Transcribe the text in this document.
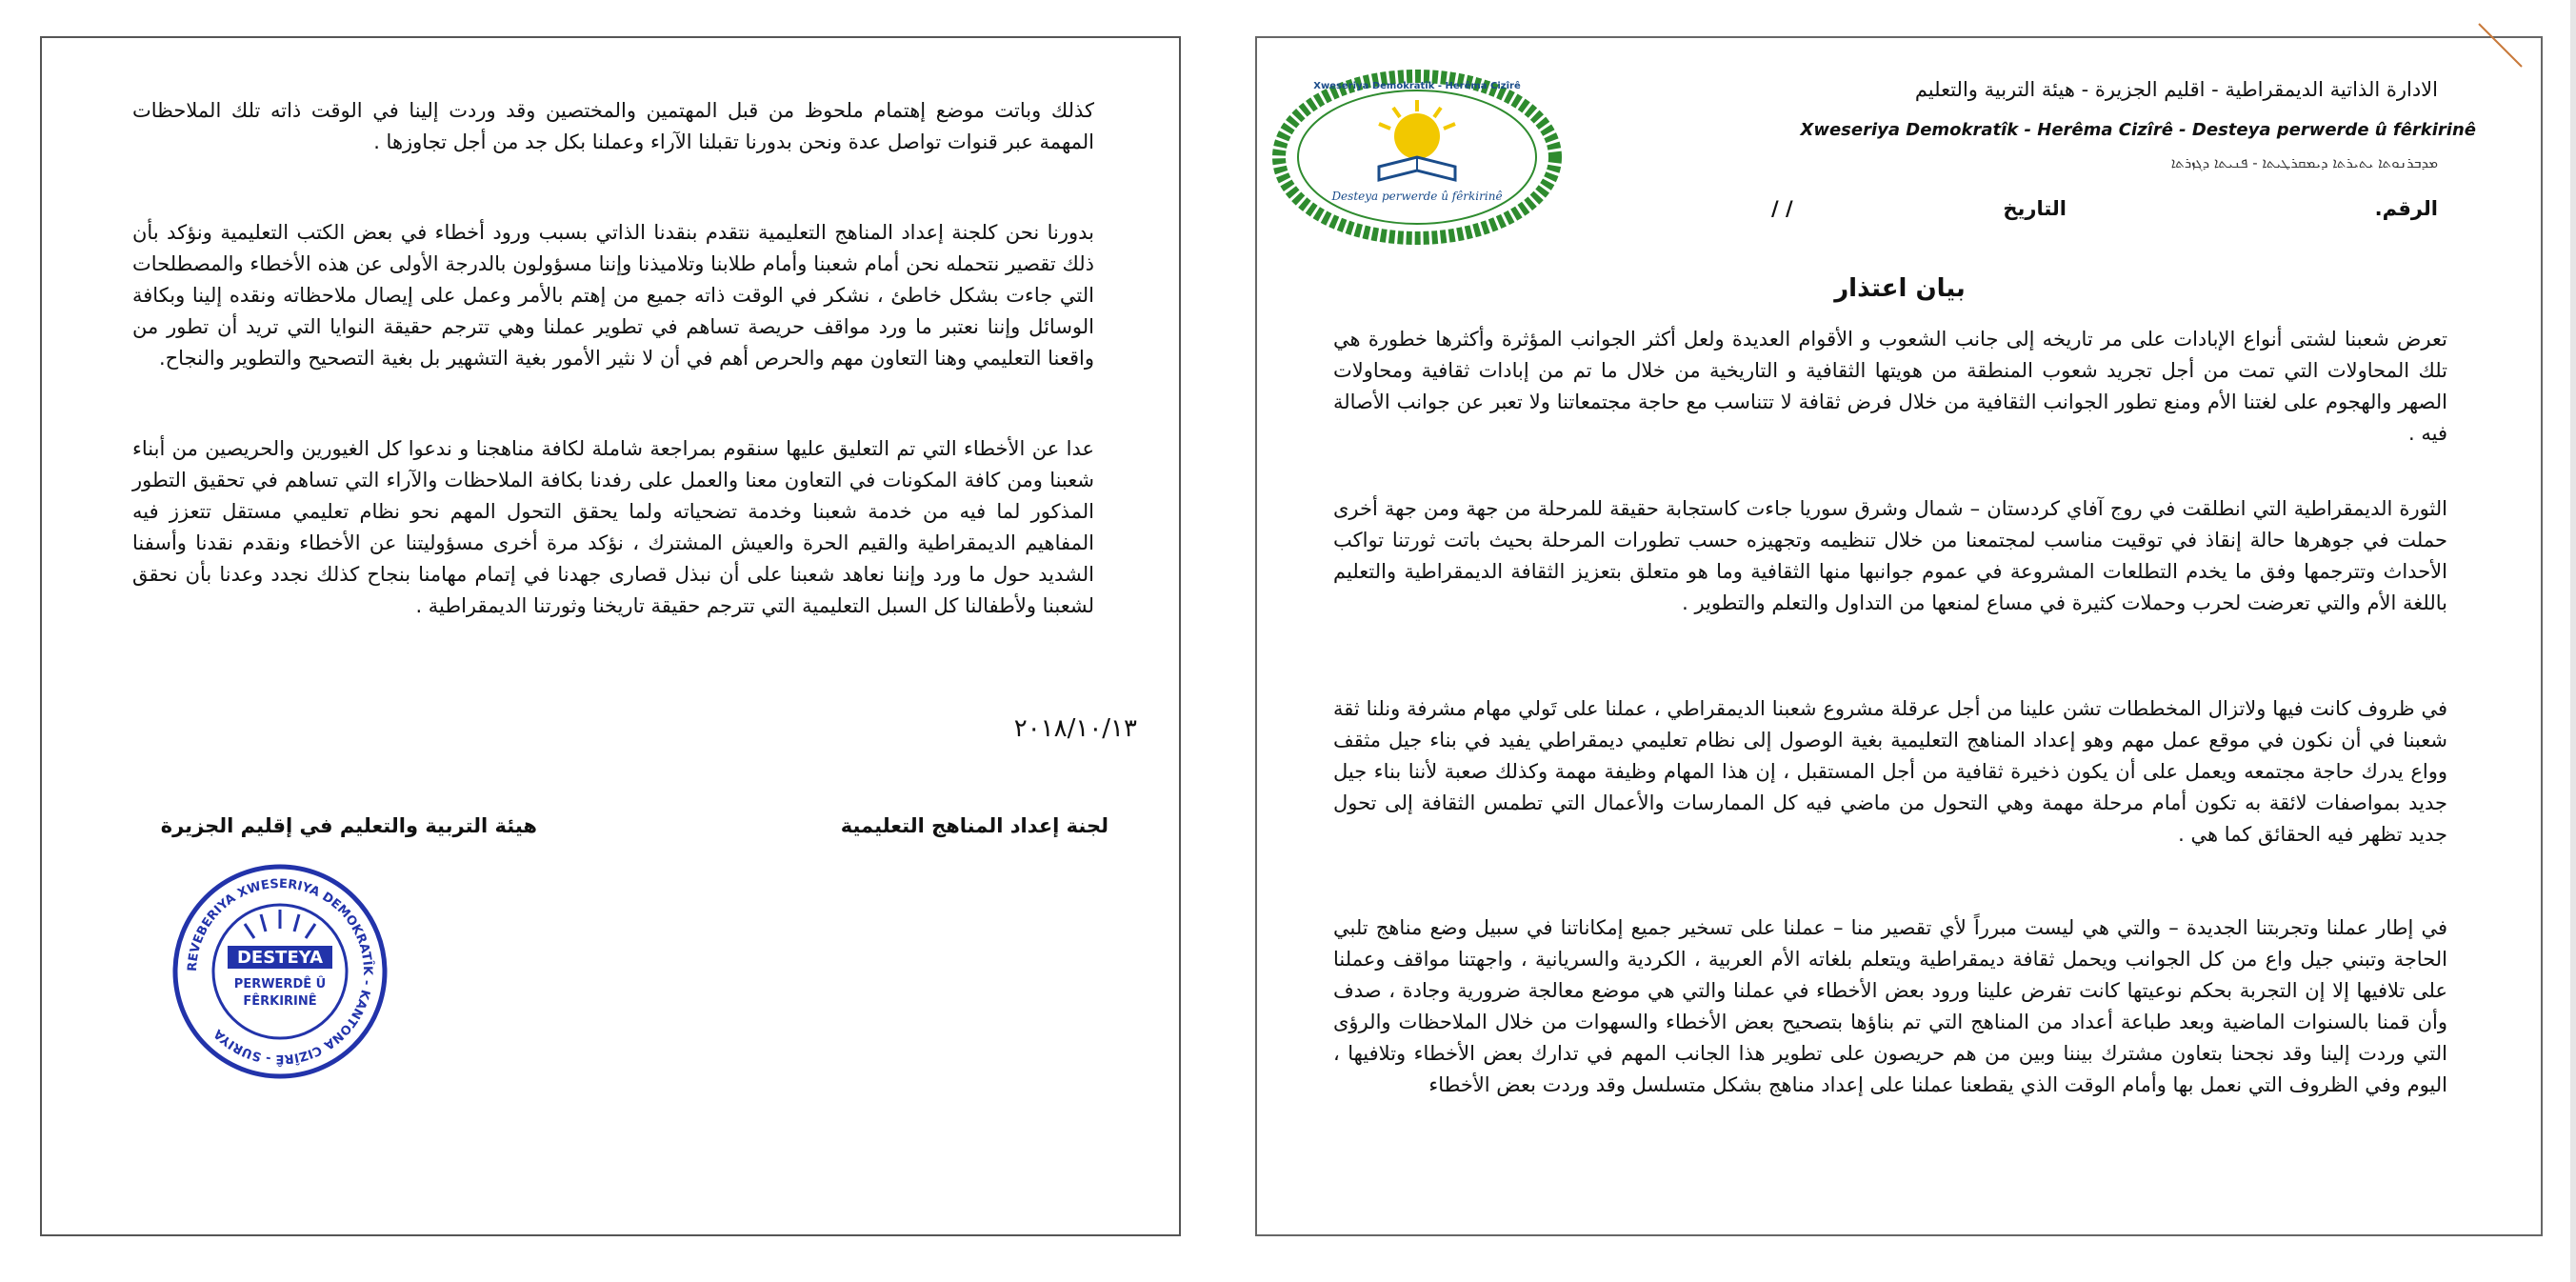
كذلك وباتت موضع إهتمام ملحوظ من قبل المهتمين والمختصين وقد وردت إلينا في الوقت ذاته تلك الملاحظات المهمة عبر قنوات تواصل عدة ونحن بدورنا تقبلنا الآراء وعملنا بكل جد من أجل تجاوزها .

بدورنا نحن كلجنة إعداد المناهج التعليمية نتقدم بنقدنا الذاتي بسبب ورود أخطاء في بعض الكتب التعليمية ونؤكد بأن ذلك تقصير نتحمله نحن أمام شعبنا وأمام طلابنا وتلاميذنا وإننا مسؤولون بالدرجة الأولى عن هذه الأخطاء والمصطلحات التي جاءت بشكل خاطئ ، نشكر في الوقت ذاته جميع من إهتم بالأمر وعمل على إيصال ملاحظاته ونقده إلينا وبكافة الوسائل وإننا نعتبر ما ورد مواقف حريصة تساهم في تطوير عملنا وهي تترجم حقيقة النوايا التي تريد أن تطور من واقعنا التعليمي وهنا التعاون مهم والحرص أهم في أن لا نثير الأمور بغية التشهير بل بغية التصحيح والتطوير والنجاح.

عدا عن الأخطاء التي تم التعليق عليها سنقوم بمراجعة شاملة لكافة مناهجنا و ندعوا كل الغيورين والحريصين من أبناء شعبنا ومن كافة المكونات في التعاون معنا والعمل على رفدنا بكافة الملاحظات والآراء التي تساهم في تحقيق التطور المذكور لما فيه من خدمة شعبنا وخدمة تضحياته ولما يحقق التحول المهم نحو نظام تعليمي مستقل تتعزز فيه المفاهيم الديمقراطية والقيم الحرة والعيش المشترك ، نؤكد مرة أخرى مسؤوليتنا عن الأخطاء ونقدم نقدنا وأسفنا الشديد حول ما ورد وإننا نعاهد شعبنا على أن نبذل قصارى جهدنا في إتمام مهامنا بنجاح كذلك نجدد وعدنا بأن نحقق لشعبنا ولأطفالنا كل السبل التعليمية التي تترجم حقيقة تاريخنا وثورتنا الديمقراطية .

٢٠١٨/١٠/١٣
لجنة إعداد المناهج التعليمية
هيئة التربية والتعليم في إقليم الجزيرة
REVEBERIYA XWESERIYA DEMOKRATÎK - KANTONA CIZÎRÊ - SURIYA
DESTEYA
PERWERDÊ Û
FÊRKIRINÊ
Desteya perwerde û fêrkirinê
Xweseriya Demokratîk - Herêma Cizîrê	الادارة الذاتية الديمقراطية - اقليم الجزيرة - هيئة التربية والتعليم
Xweseriya Demokratîk - Herêma Cizîrê - Desteya perwerde û fêrkirinê
ܡܕܒܪܢܘܬܐ ܝܬܝܪܬܐ ܕܝܡܩܪܛܝܬܐ - ܦܢܝܬܐ ܕܓܙܪܬܐ
الرقم.
التاريخ
/ /
بيان اعتذار

تعرض شعبنا لشتى أنواع الإبادات على مر تاريخه إلى جانب الشعوب و الأقوام العديدة ولعل أكثر الجوانب المؤثرة وأكثرها خطورة هي تلك المحاولات التي تمت من أجل تجريد شعوب المنطقة من هويتها الثقافية و التاريخية من خلال ما تم من إبادات ثقافية ومحاولات الصهر والهجوم على لغتنا الأم ومنع تطور الجوانب الثقافية من خلال فرض ثقافة لا تتناسب مع حاجة مجتمعاتنا ولا تعبر عن جوانب الأصالة فيه .

الثورة الديمقراطية التي انطلقت في روج آفاي كردستان – شمال وشرق سوريا جاءت كاستجابة حقيقة للمرحلة من جهة ومن جهة أخرى حملت في جوهرها حالة إنقاذ في توقيت مناسب لمجتمعنا من خلال تنظيمه وتجهيزه حسب تطورات المرحلة بحيث باتت ثورتنا تواكب الأحداث وتترجمها وفق ما يخدم التطلعات المشروعة في عموم جوانبها منها الثقافية وما هو متعلق بتعزيز الثقافة الديمقراطية والتعليم باللغة الأم والتي تعرضت لحرب وحملات كثيرة في مساع لمنعها من التداول والتعلم والتطوير .

في ظروف كانت فيها ولاتزال المخططات تشن علينا من أجل عرقلة مشروع شعبنا الديمقراطي ، عملنا على تَولي مهام مشرفة ونلنا ثقة شعبنا في أن نكون في موقع عمل مهم وهو إعداد المناهج التعليمية بغية الوصول إلى نظام تعليمي ديمقراطي يفيد في بناء جيل مثقف وواع يدرك حاجة مجتمعه ويعمل على أن يكون ذخيرة ثقافية من أجل المستقبل ، إن هذا المهام وظيفة مهمة وكذلك صعبة لأننا بناء جيل جديد بمواصفات لائقة به تكون أمام مرحلة مهمة وهي التحول من ماضي فيه كل الممارسات والأعمال التي تطمس الثقافة إلى تحول جديد تظهر فيه الحقائق كما هي .

في إطار عملنا وتجربتنا الجديدة – والتي هي ليست مبرراً لأي تقصير منا – عملنا على تسخير جميع إمكاناتنا في سبيل وضع مناهج تلبي الحاجة وتبني جيل واع من كل الجوانب ويحمل ثقافة ديمقراطية ويتعلم بلغاته الأم العربية ، الكردية والسريانية ، واجهتنا مواقف وعملنا على تلافيها إلا إن التجربة بحكم نوعيتها كانت تفرض علينا ورود بعض الأخطاء في عملنا والتي هي موضع معالجة ضرورية وجادة ، صدف وأن قمنا بالسنوات الماضية وبعد طباعة أعداد من المناهج التي تم بناؤها بتصحيح بعض الأخطاء والسهوات من خلال الملاحظات والرؤى التي وردت إلينا وقد نجحنا بتعاون مشترك بيننا وبين من هم حريصون على تطوير هذا الجانب المهم في تدارك بعض الأخطاء وتلافيها ، اليوم وفي الظروف التي نعمل بها وأمام الوقت الذي يقطعنا عملنا على إعداد مناهج بشكل متسلسل وقد وردت بعض الأخطاء
